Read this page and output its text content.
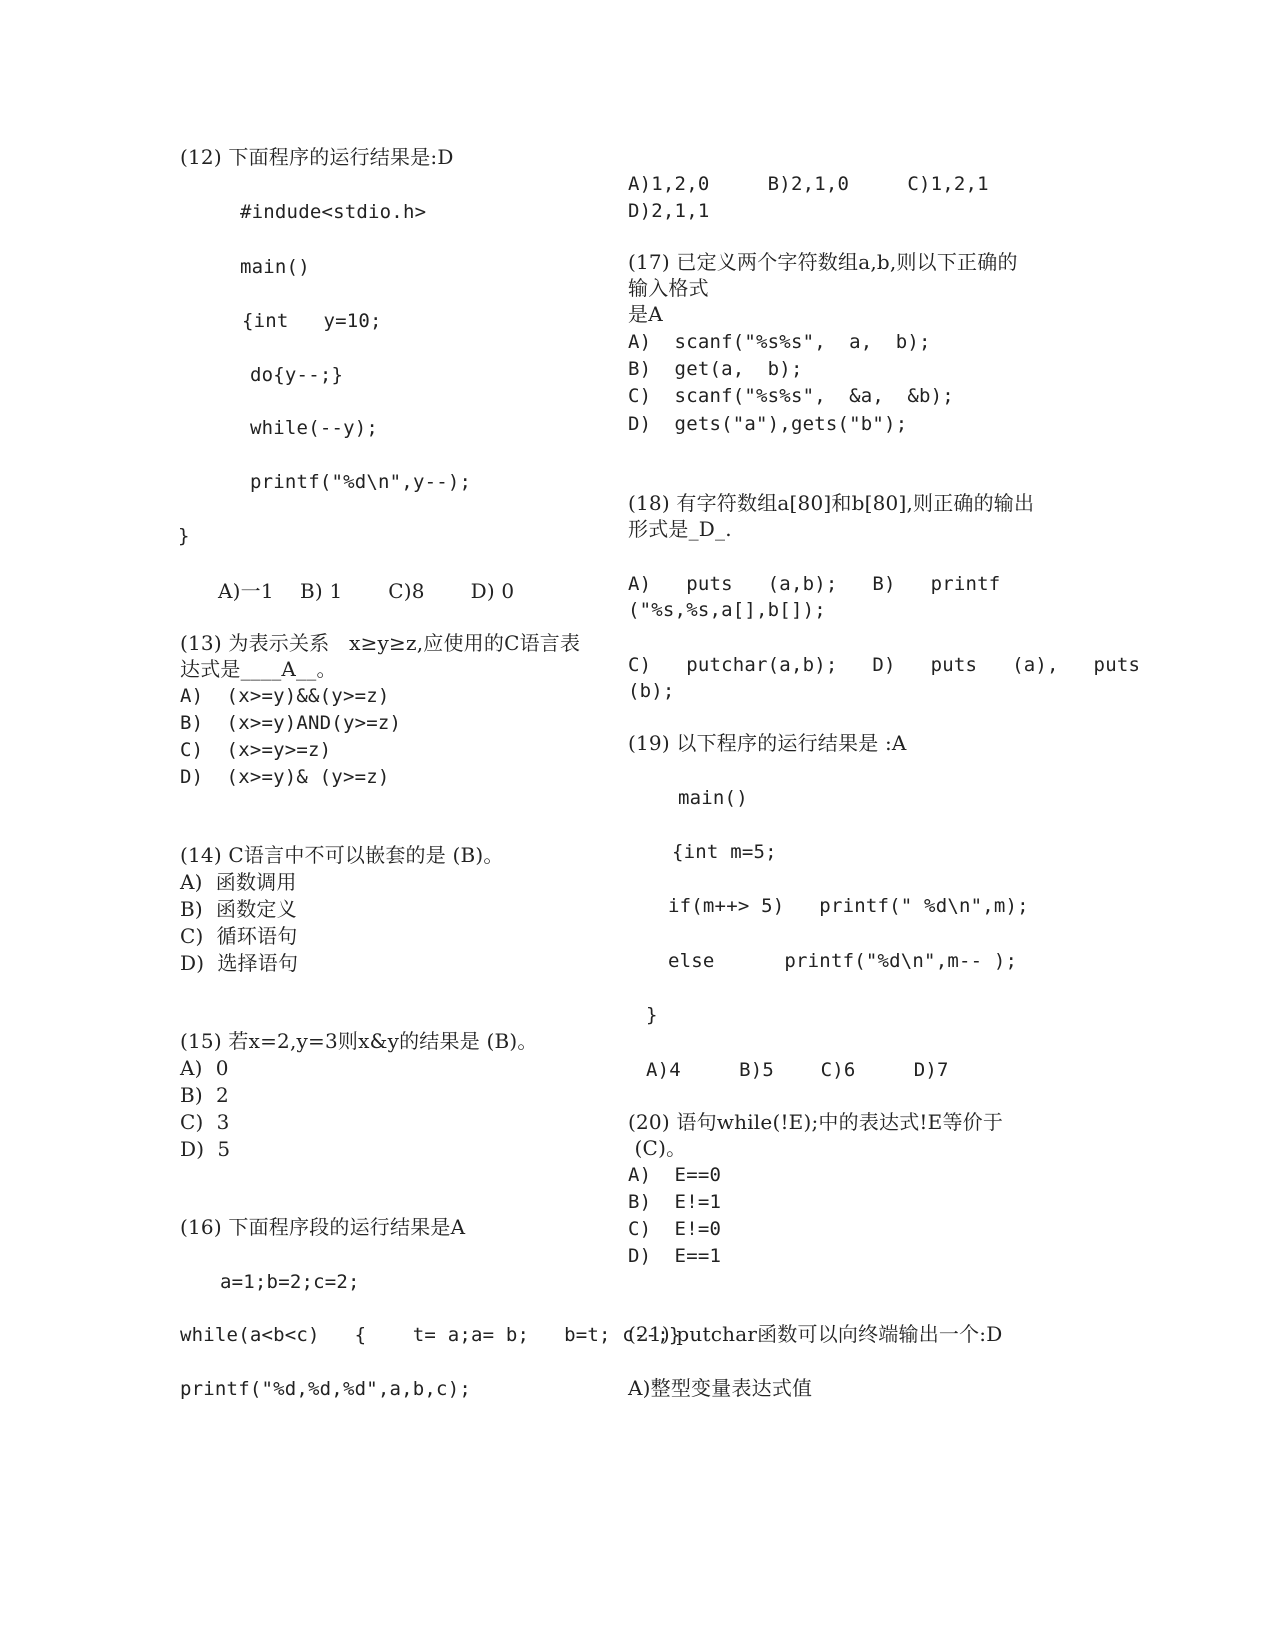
(12) 下面程序的运行结果是:D
#indude<stdio.h>
main()
{int   y=10;
do{y--;}
while(--y);
printf("%d\n",y--);
}
A)一1    B) 1       C)8       D) 0
(13) 为表示关系   x≥y≥z,应使用的C语言表
达式是____A__。
A)  (x>=y)&&(y>=z)
B)  (x>=y)AND(y>=z)
C)  (x>=y>=z)
D)  (x>=y)& (y>=z)
(14) C语言中不可以嵌套的是 (B)。
A)  函数调用
B)  函数定义
C)  循环语句
D)  选择语句
(15) 若x=2,y=3则x&y的结果是 (B)。
A)  0
B)  2
C)  3
D)  5
(16) 下面程序段的运行结果是A
a=1;b=2;c=2;
while(a<b<c)   {    t= a;a= b;   b=t; c--;}
printf("%d,%d,%d",a,b,c);
A)1,2,0     B)2,1,0     C)1,2,1
D)2,1,1
(17) 已定义两个字符数组a,b,则以下正确的
输入格式
是A
A)  scanf("%s%s",  a,  b);
B)  get(a,  b);
C)  scanf("%s%s",  &a,  &b);
D)  gets("a"),gets("b");
(18) 有字符数组a[80]和b[80],则正确的输出
形式是_D_.
A)   puts   (a,b);   B)   printf
("%s,%s,a[],b[]);
C)   putchar(a,b);   D)   puts   (a),   puts
(b);
(19) 以下程序的运行结果是 :A
main()
{int m=5;
if(m++> 5)   printf(" %d\n",m);
else      printf("%d\n",m-- );
}
A)4     B)5    C)6     D)7
(20) 语句while(!E);中的表达式!E等价于
(C)。
A)  E==0
B)  E!=1
C)  E!=0
D)  E==1
(21) putchar函数可以向终端输出一个:D
A)整型变量表达式值
